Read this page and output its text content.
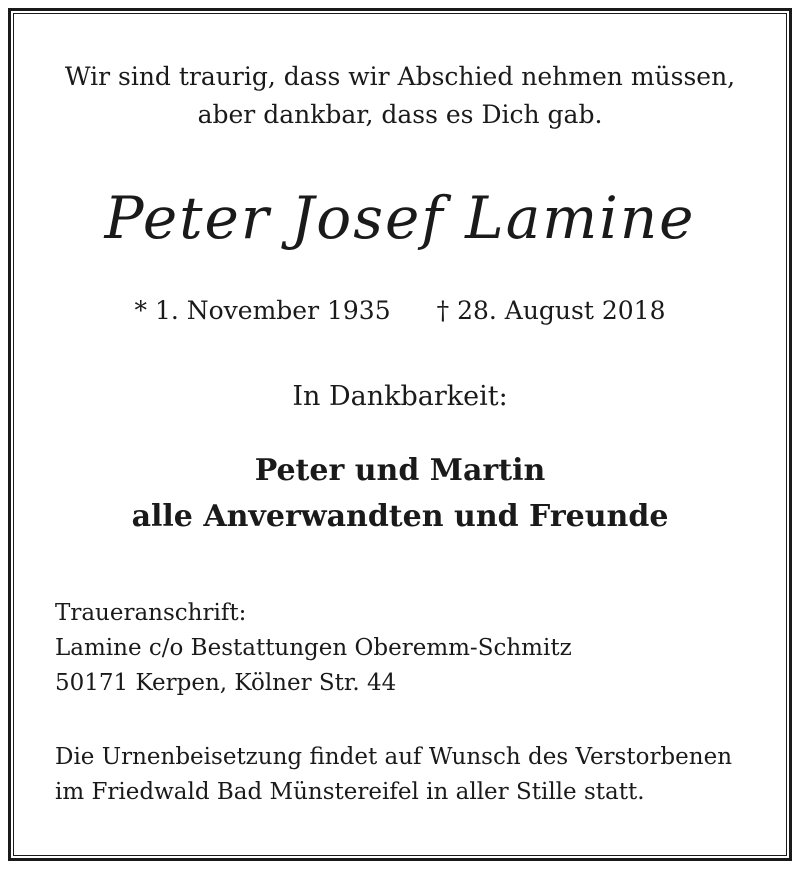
Wir sind traurig, dass wir Abschied nehmen müssen,
aber dankbar, dass es Dich gab.
Peter Josef Lamine
* 1. November 1935 † 28. August 2018
In Dankbarkeit:
Peter und Martin
alle Anverwandten und Freunde
Traueranschrift:
Lamine c/o Bestattungen Oberemm-Schmitz
50171 Kerpen, Kölner Str. 44
Die Urnenbeisetzung findet auf Wunsch des Verstorbenen
im Friedwald Bad Münstereifel in aller Stille statt.
